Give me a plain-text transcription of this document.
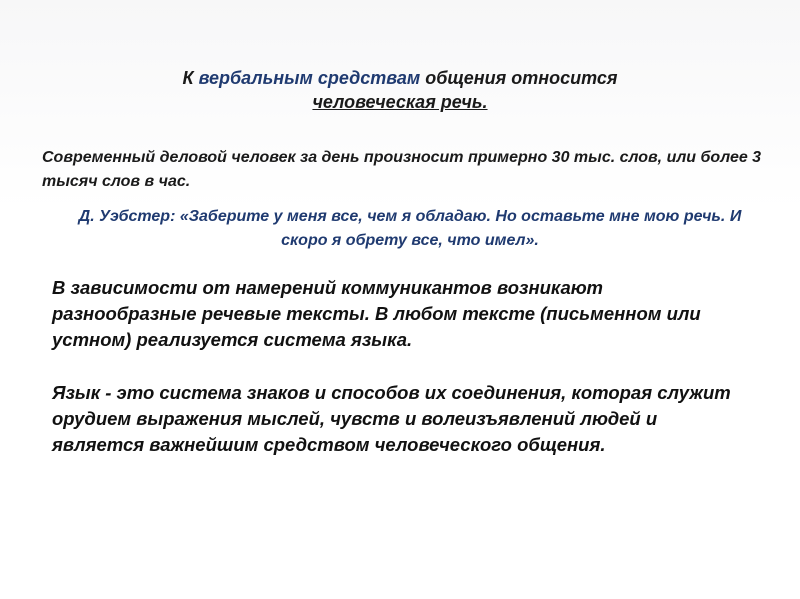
К вербальным средствам общения относится
человеческая речь.
Современный деловой человек за день произносит примерно 30 тыс. слов, или более 3 тысяч слов в час.
Д. Уэбстер: «Заберите у меня все, чем я обладаю. Но оставьте мне мою речь. И скоро я обрету все, что имел».
В зависимости от намерений коммуникантов возникают разнообразные речевые тексты. В любом тексте (письменном или устном) реализуется система языка.
Язык - это система знаков и способов их соединения, которая служит орудием выражения мыслей, чувств и волеизъявлений людей и является важнейшим средством человеческого общения.
